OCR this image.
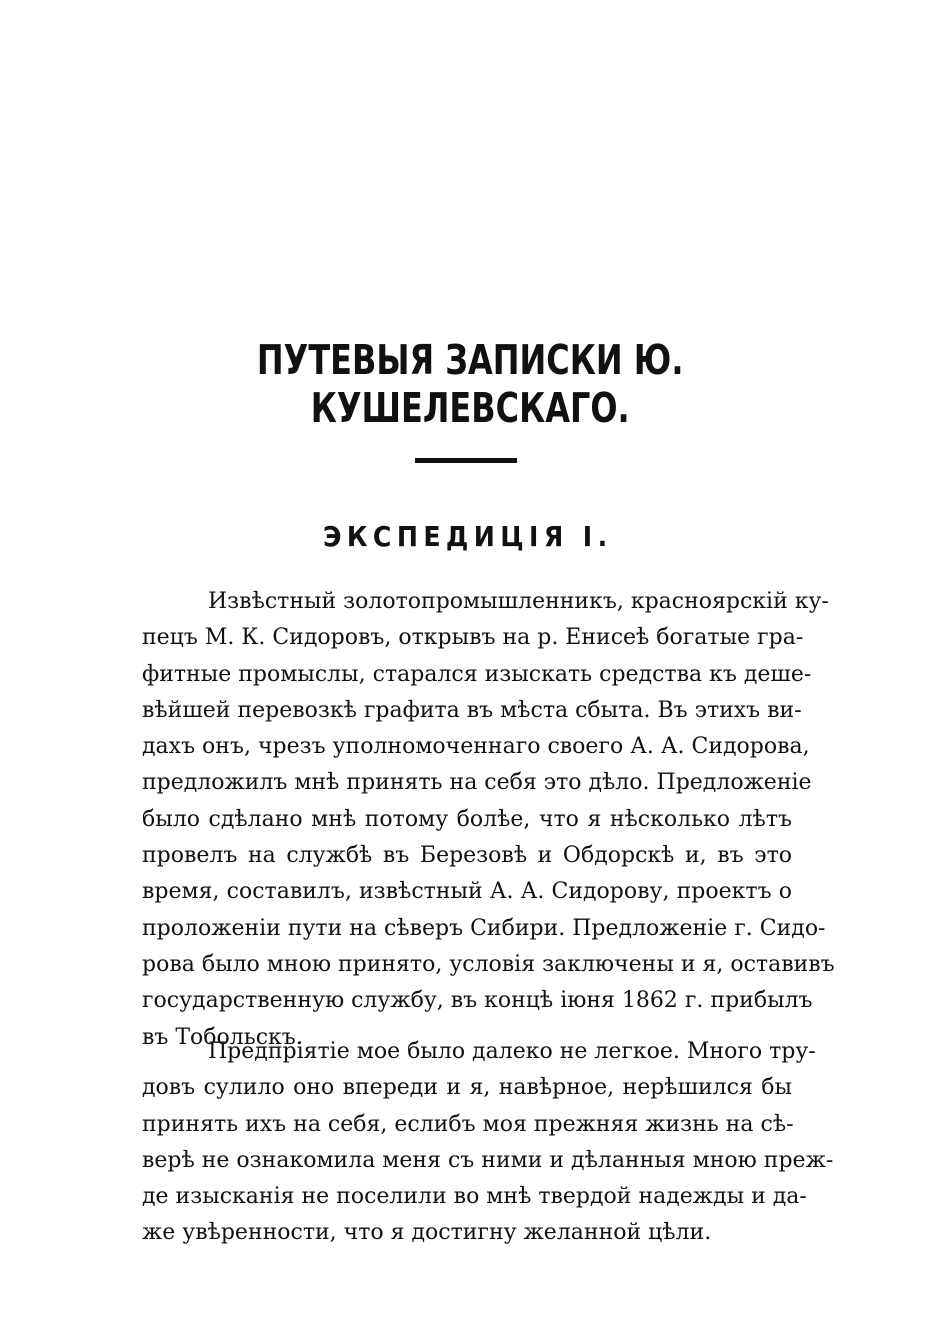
ПУТЕВЫЯ ЗАПИСКИ Ю. КУШЕЛЕВСКАГО.
ЭКСПЕДИЦІЯ I.
Извѣстный золотопромышленникъ, красноярскій ку-
пецъ М. К. Сидоровъ, открывъ на р. Енисеѣ богатые гра-
фитные промыслы, старался изыскать средства къ деше-
вѣйшей перевозкѣ графита въ мѣста сбыта. Въ этихъ ви-
дахъ онъ, чрезъ уполномоченнаго своего А. А. Сидорова,
предложилъ мнѣ принять на себя это дѣло. Предложеніе
было сдѣлано мнѣ потому болѣе, что я нѣсколько лѣтъ
провелъ на службѣ въ Березовѣ и Обдорскѣ и, въ это
время, составилъ, извѣстный А. А. Сидорову, проектъ о
проложеніи пути на сѣверъ Сибири. Предложеніе г. Сидо-
рова было мною принято, условія заключены и я, оставивъ
государственную службу, въ концѣ іюня 1862 г. прибылъ
въ Тобольскъ.
Предпріятіе мое было далеко не легкое. Много тру-
довъ сулило оно впереди и я, навѣрное, нерѣшился бы
принять ихъ на себя, еслибъ моя прежняя жизнь на сѣ-
верѣ не ознакомила меня съ ними и дѣланныя мною преж-
де изысканія не поселили во мнѣ твердой надежды и да-
же увѣренности, что я достигну желанной цѣли.
